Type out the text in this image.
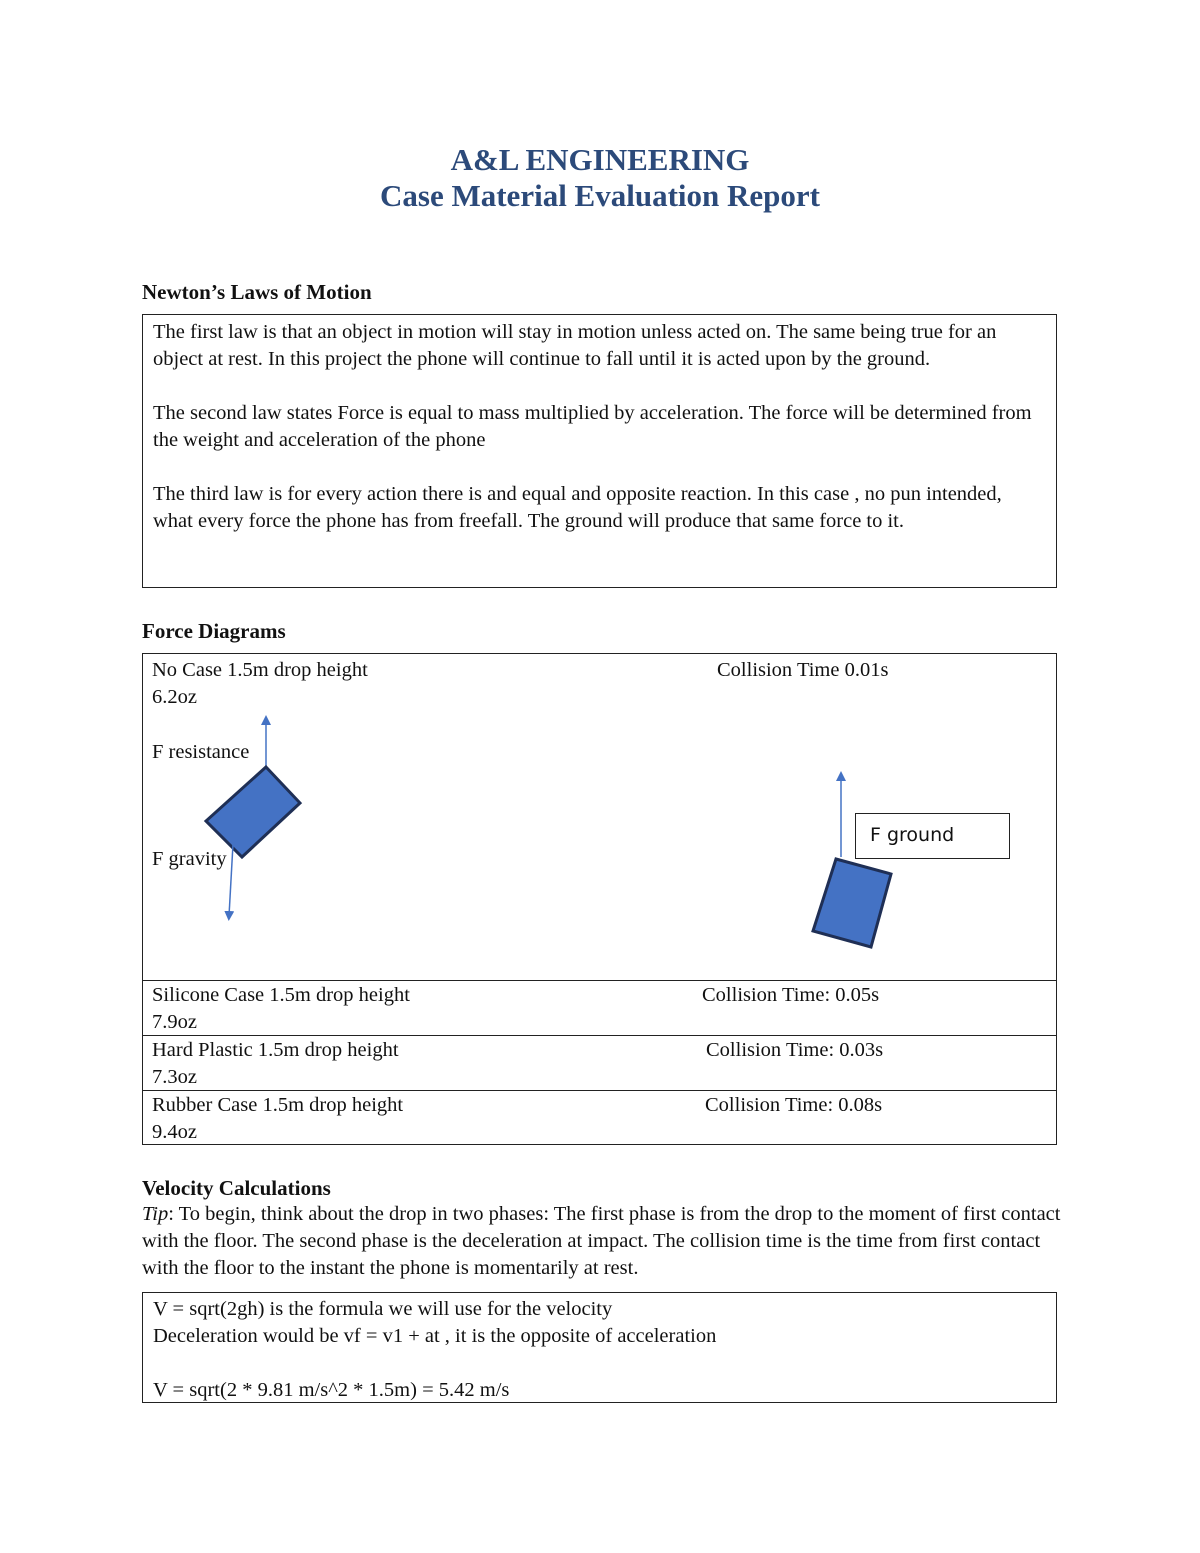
A&L ENGINEERING
Case Material Evaluation Report
Newton’s Laws of Motion

The first law is that an object in motion will stay in motion unless acted on. The same being true for an object at rest. In this project the phone will continue to fall until it is acted upon by the ground.

The second law states Force is equal to mass multiplied by acceleration. The force will be determined from the weight and acceleration of the phone

The third law is for every action there is and equal and opposite reaction. In this case , no pun intended, what every force the phone has from freefall. The ground will produce that same force to it.

Force Diagrams
No Case 1.5m drop height
6.2oz
Collision Time 0.01s
F resistance
F gravity
F ground
Silicone Case 1.5m drop height
7.9oz
Collision Time: 0.05s
Hard Plastic 1.5m drop height
7.3oz
Collision Time: 0.03s
Rubber Case 1.5m drop height
9.4oz
Collision Time: 0.08s
Velocity Calculations
Tip: To begin, think about the drop in two phases: The first phase is from the drop to the moment of first contact with the floor. The second phase is the deceleration at impact. The collision time is the time from first contact with the floor to the instant the phone is momentarily at rest.
V = sqrt(2gh) is the formula we will use for the velocity
Deceleration would be vf = v1 + at , it is the opposite of acceleration
V = sqrt(2 * 9.81 m/s^2 * 1.5m) = 5.42 m/s
